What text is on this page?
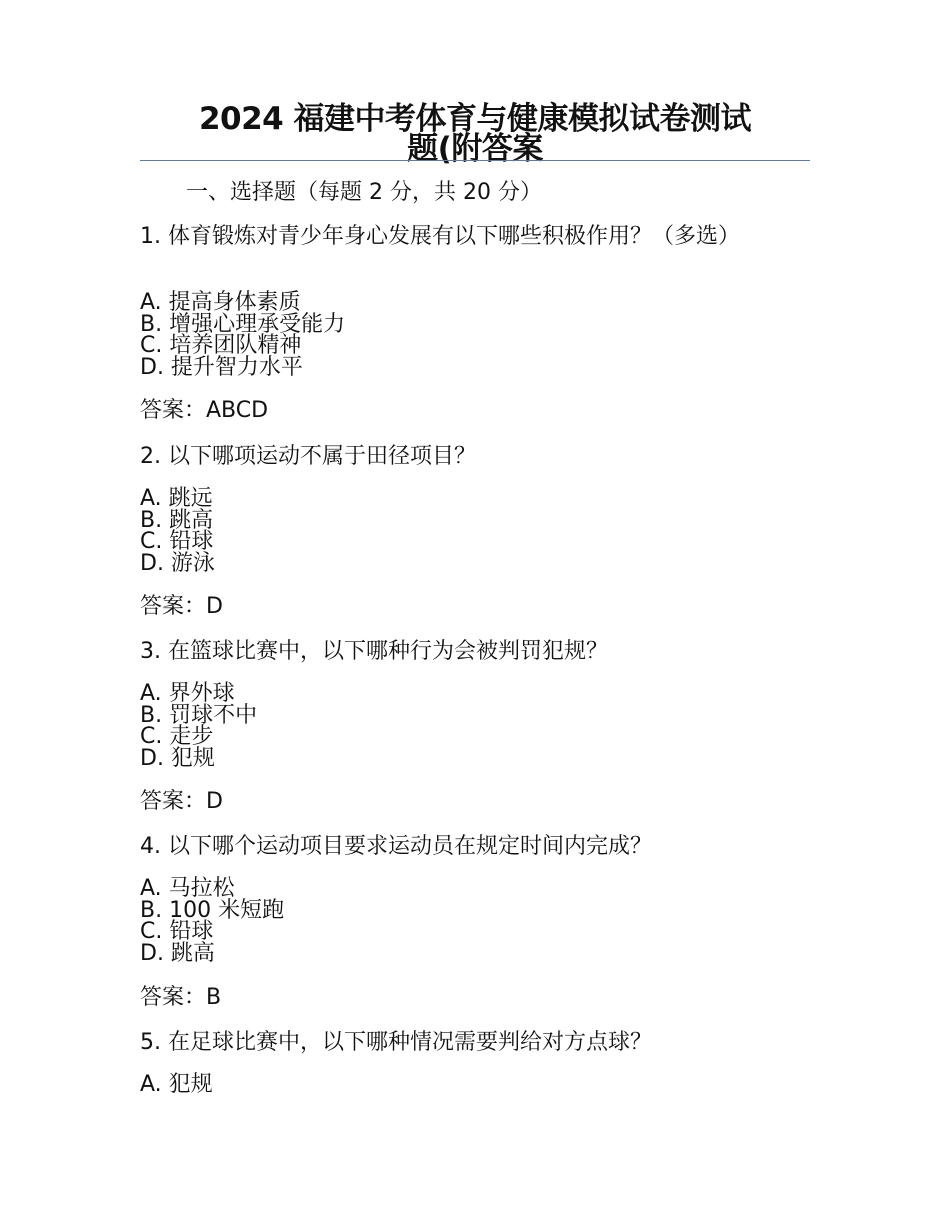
2024 福建中考体育与健康模拟试卷测试
题(附答案
一、选择题（每题 2 分，共 20 分）
1. 体育锻炼对青少年身心发展有以下哪些积极作用？（多选）
A. 提高身体素质
B. 增强心理承受能力
C. 培养团队精神
D. 提升智力水平
答案：ABCD
2. 以下哪项运动不属于田径项目？
A. 跳远
B. 跳高
C. 铅球
D. 游泳
答案：D
3. 在篮球比赛中，以下哪种行为会被判罚犯规？
A. 界外球
B. 罚球不中
C. 走步
D. 犯规
答案：D
4. 以下哪个运动项目要求运动员在规定时间内完成？
A. 马拉松
B. 100 米短跑
C. 铅球
D. 跳高
答案：B
5. 在足球比赛中，以下哪种情况需要判给对方点球？
A. 犯规
